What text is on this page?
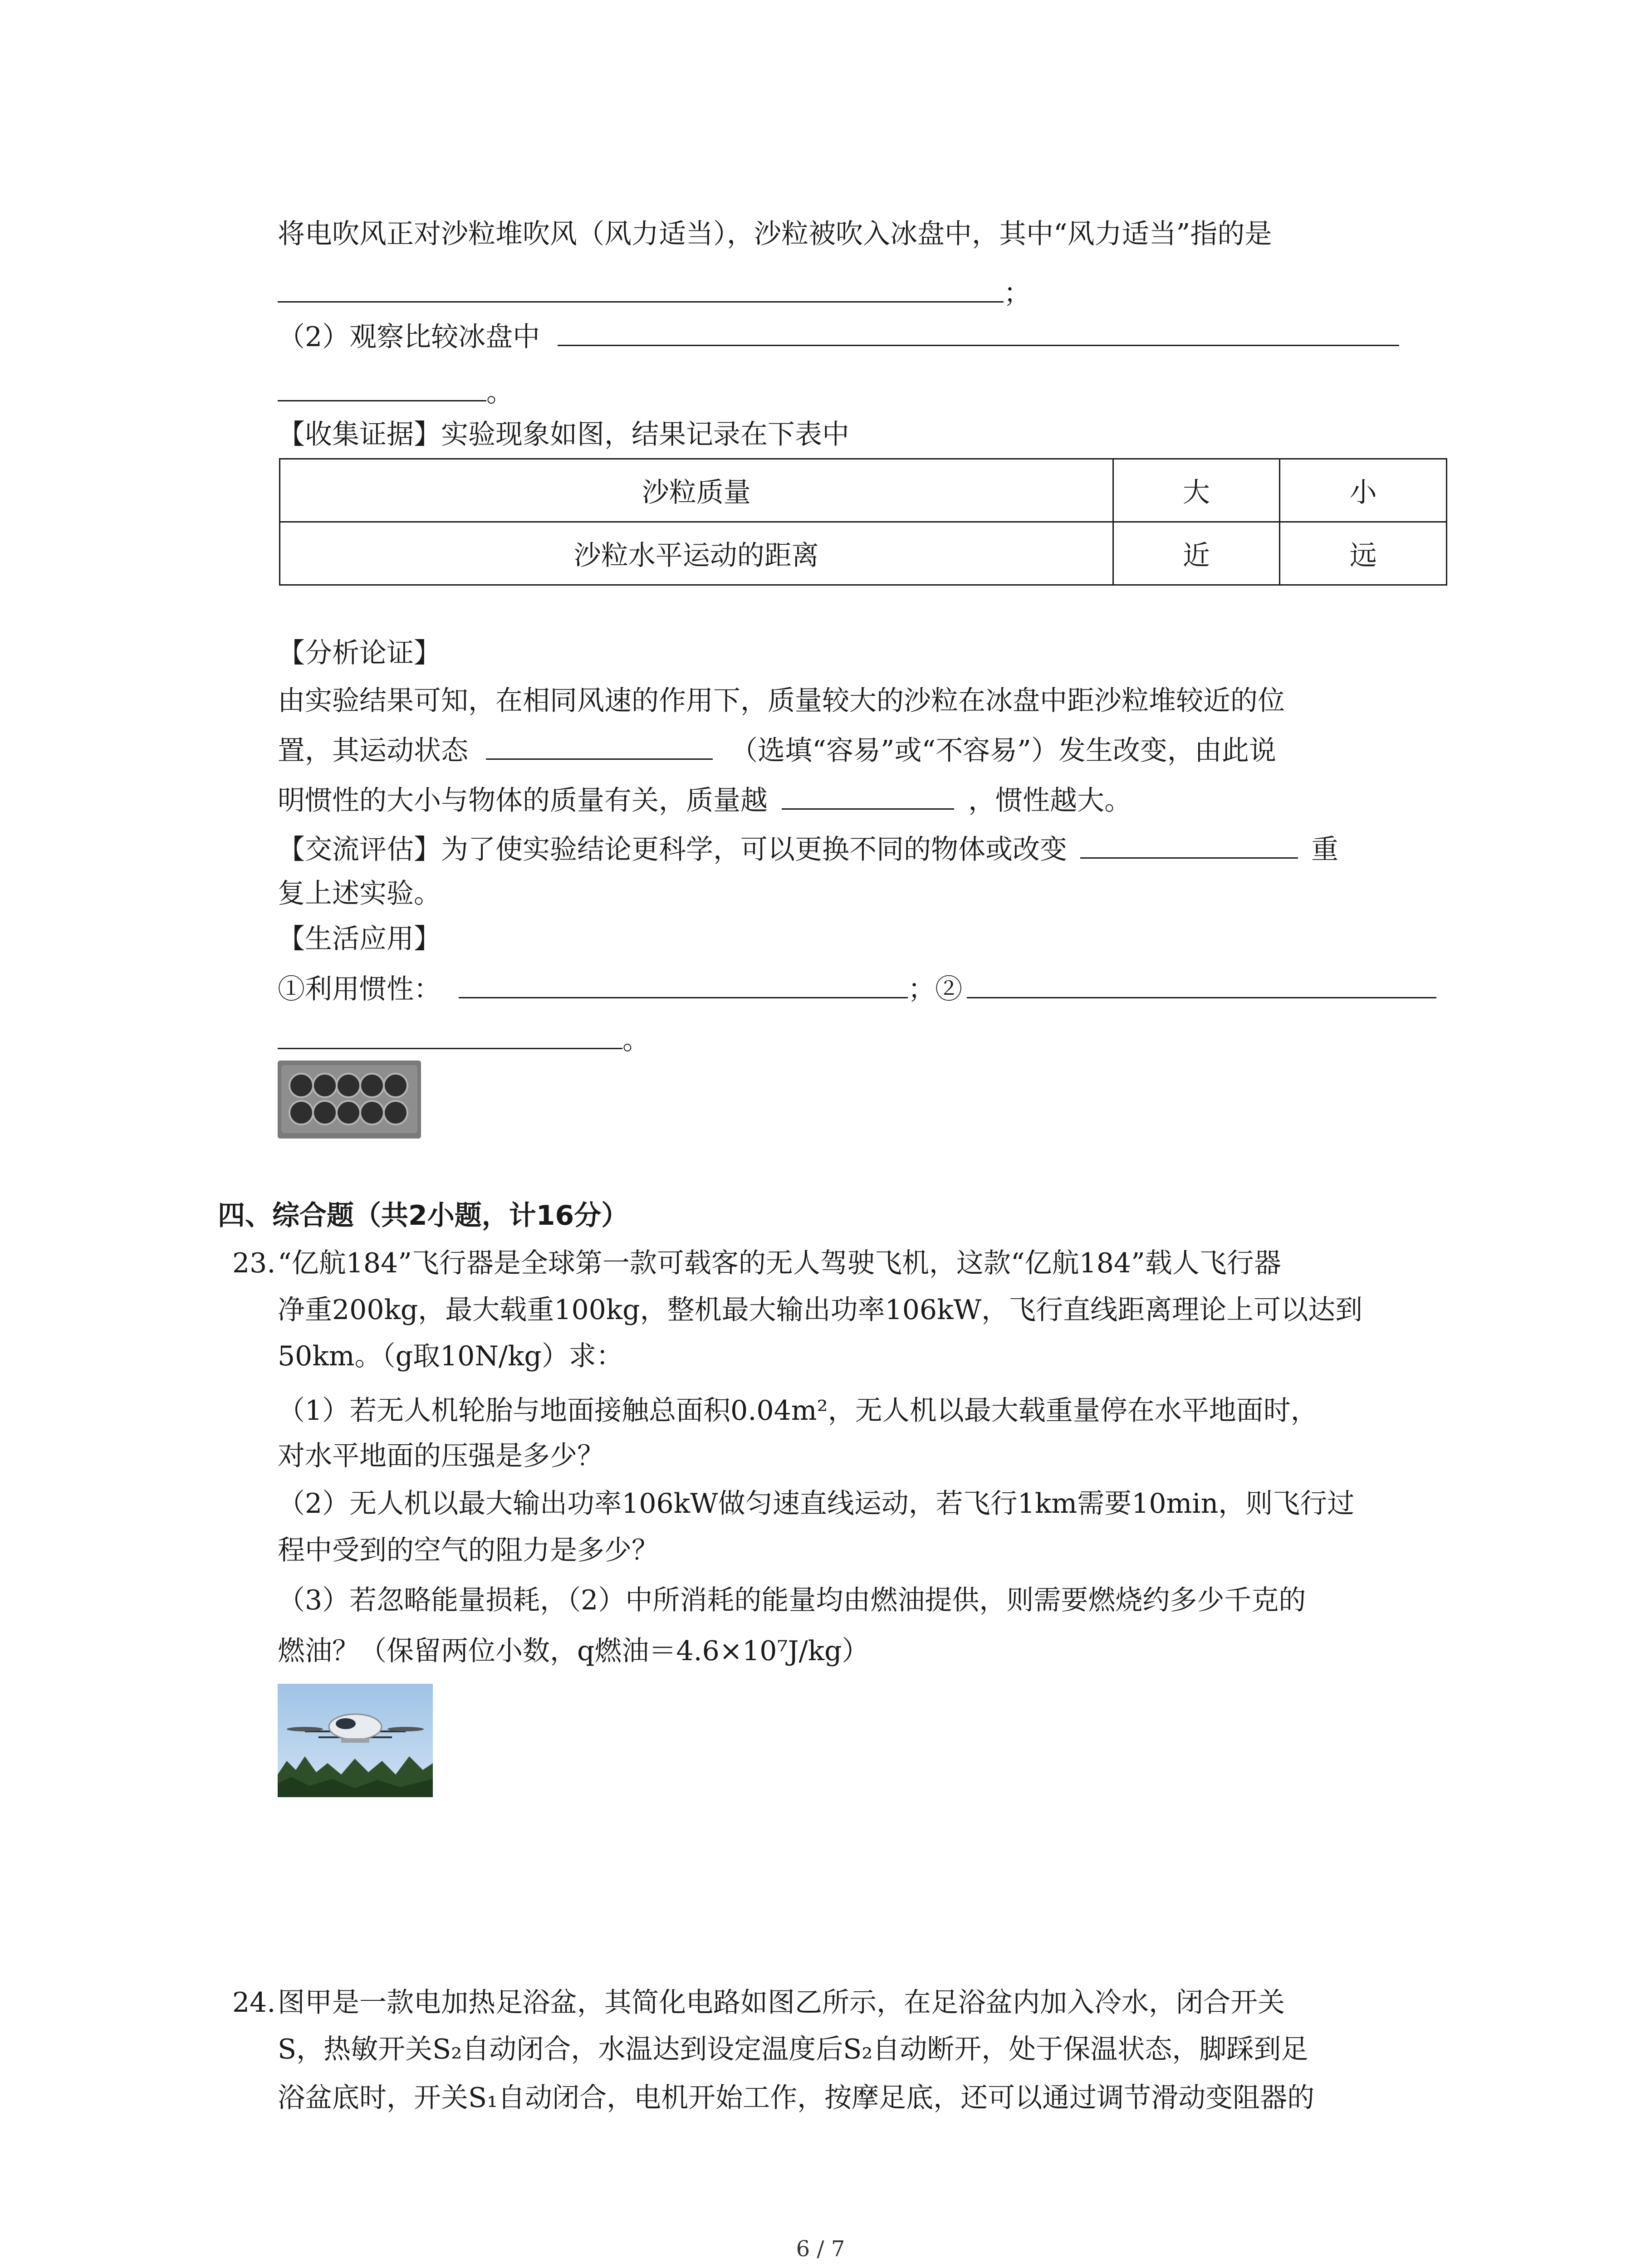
将电吹风正对沙粒堆吹风（风力适当），沙粒被吹入冰盘中，其中“风力适当”指的是
；
（2）观察比较冰盘中
。
【收集证据】实验现象如图，结果记录在下表中
沙粒质量	大	小
沙粒水平运动的距离	近	远
【分析论证】
由实验结果可知，在相同风速的作用下，质量较大的沙粒在冰盘中距沙粒堆较近的位
置，其运动状态	（选填“容易”或“不容易”）发生改变，由此说
明惯性的大小与物体的质量有关，质量越	，惯性越大。
【交流评估】为了使实验结论更科学，可以更换不同的物体或改变	重
复上述实验。
【生活应用】
①利用惯性：	；②
。
四、综合题（共2小题，计16分）
23. “亿航184”飞行器是全球第一款可载客的无人驾驶飞机，这款“亿航184”载人飞行器
净重200kg，最大载重100kg，整机最大输出功率106kW，飞行直线距离理论上可以达到
50km。（g取10N/kg）求：
（1）若无人机轮胎与地面接触总面积0.04m²，无人机以最大载重量停在水平地面时，
对水平地面的压强是多少？
（2）无人机以最大输出功率106kW做匀速直线运动，若飞行1km需要10min，则飞行过
程中受到的空气的阻力是多少？
（3）若忽略能量损耗，（2）中所消耗的能量均由燃油提供，则需要燃烧约多少千克的
燃油？（保留两位小数，q燃油＝4.6×10⁷J/kg）
24. 图甲是一款电加热足浴盆，其简化电路如图乙所示，在足浴盆内加入冷水，闭合开关
S，热敏开关S₂自动闭合，水温达到设定温度后S₂自动断开，处于保温状态，脚踩到足
浴盆底时，开关S₁自动闭合，电机开始工作，按摩足底，还可以通过调节滑动变阻器的
6 / 7
